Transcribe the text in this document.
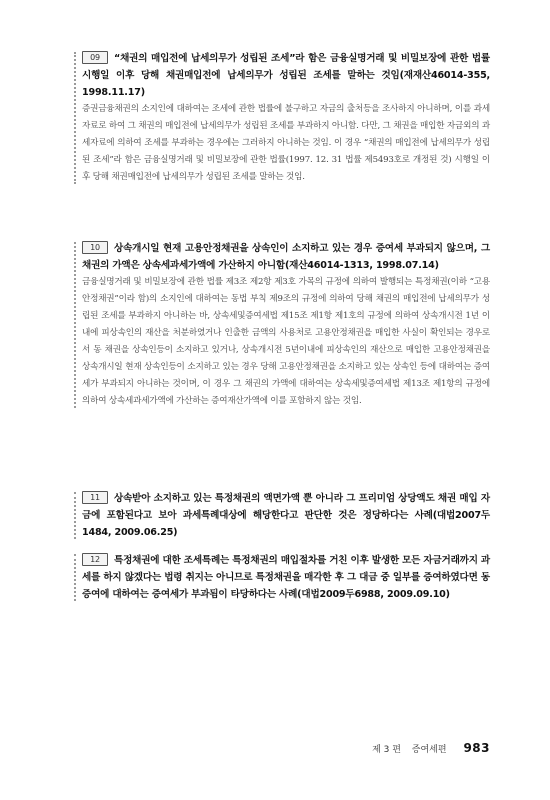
09 “채권의 매입전에 납세의무가 성립된 조세”라 함은 금융실명거래 및 비밀보장에 관한 법률시행일 이후 당해 채권매입전에 납세의무가 성립된 조세를 말하는 것임(재재산46014-355, 1998.11.17)

증권금융채권의 소지인에 대하여는 조세에 관한 법률에 불구하고 자금의 출처등을 조사하지 아니하며, 이를 과세자료로 하여 그 채권의 매입전에 납세의무가 성립된 조세를 부과하지 아니함. 다만, 그 채권을 매입한 자금외의 과세자료에 의하여 조세를 부과하는 경우에는 그러하지 아니하는 것임. 이 경우 “채권의 매입전에 납세의무가 성립된 조세”라 함은 금융실명거래 및 비밀보장에 관한 법률(1997. 12. 31 법률 제5493호로 개정된 것) 시행일 이후 당해 채권매입전에 납세의무가 성립된 조세를 말하는 것임.

10 상속개시일 현재 고용안정채권을 상속인이 소지하고 있는 경우 증여세 부과되지 않으며, 그 채권의 가액은 상속세과세가액에 가산하지 아니함(재산46014-1313, 1998.07.14)

금융실명거래 및 비밀보장에 관한 법률 제3조 제2항 제3호 가목의 규정에 의하여 발행되는 특정채권(이하 “고용안정채권”이라 함)의 소지인에 대하여는 동법 부칙 제9조의 규정에 의하여 당해 채권의 매입전에 납세의무가 성립된 조세를 부과하지 아니하는 바, 상속세및증여세법 제15조 제1항 제1호의 규정에 의하여 상속개시전 1년 이내에 피상속인의 재산을 처분하였거나 인출한 금액의 사용처로 고용안정채권을 매입한 사실이 확인되는 경우로서 동 채권을 상속인등이 소지하고 있거나, 상속개시전 5년이내에 피상속인의 재산으로 매입한 고용안정채권을 상속개시일 현재 상속인등이 소지하고 있는 경우 당해 고용안정채권을 소지하고 있는 상속인 등에 대하여는 증여세가 부과되지 아니하는 것이며, 이 경우 그 채권의 가액에 대하여는 상속세및증여세법 제13조 제1항의 규정에 의하여 상속세과세가액에 가산하는 증여재산가액에 이를 포함하지 않는 것임.

11 상속받아 소지하고 있는 특정채권의 액면가액 뿐 아니라 그 프리미엄 상당액도 채권 매입 자금에 포함된다고 보아 과세특례대상에 해당한다고 판단한 것은 정당하다는 사례(대법2007두1484, 2009.06.25)

12 특정채권에 대한 조세특례는 특정채권의 매입절차를 거친 이후 발생한 모든 자금거래까지 과세를 하지 않겠다는 법령 취지는 아니므로 특정채권을 매각한 후 그 대금 중 일부를 증여하였다면 동 증여에 대하여는 증여세가 부과됨이 타당하다는 사례(대법2009두6988, 2009.09.10)

제 3 편 증여세편 983
